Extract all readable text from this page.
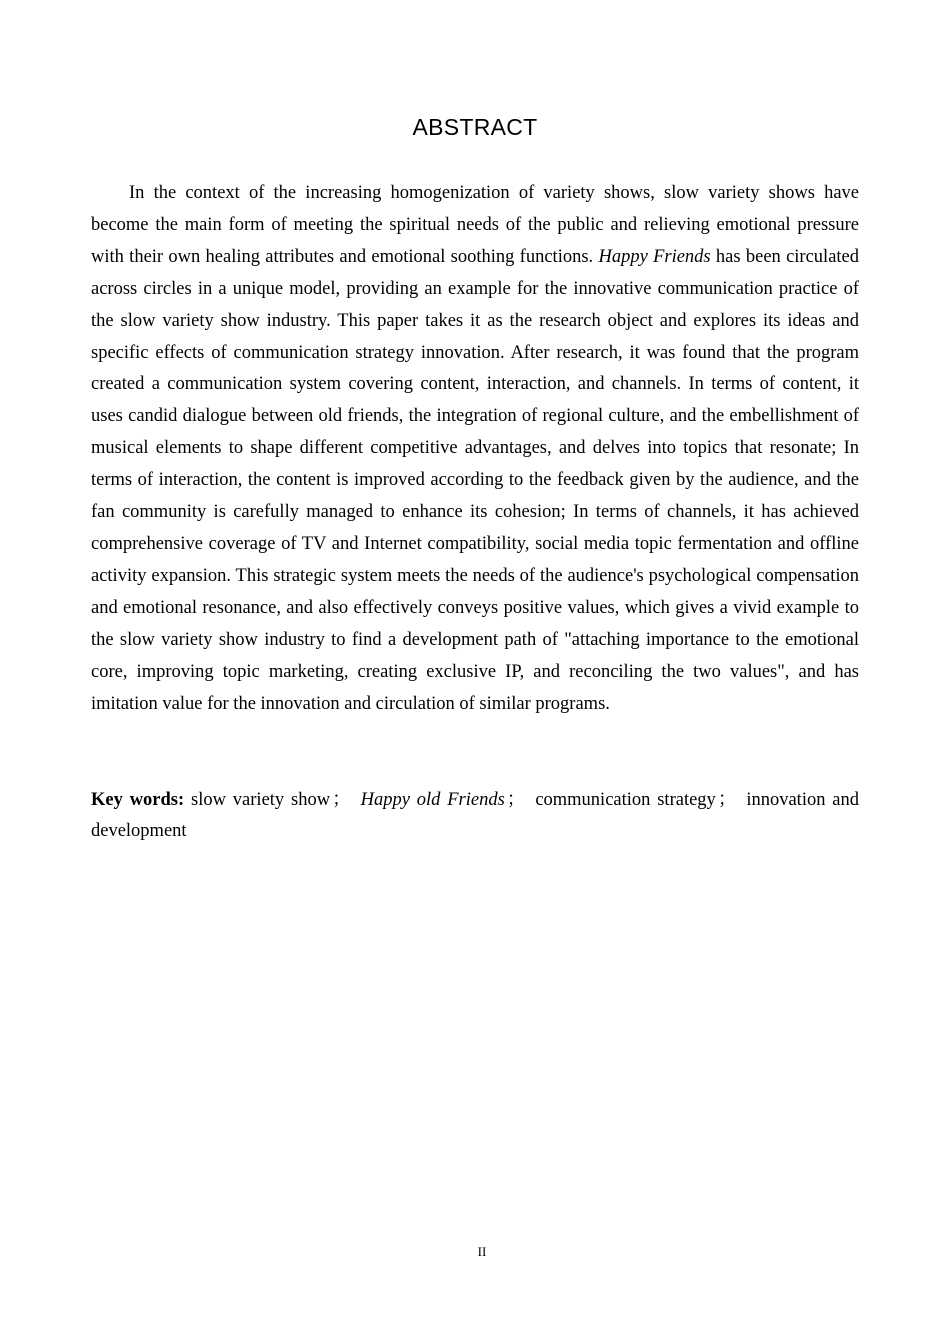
ABSTRACT

In the context of the increasing homogenization of variety shows, slow variety shows have become the main form of meeting the spiritual needs of the public and relieving emotional pressure with their own healing attributes and emotional soothing functions. Happy Friends has been circulated across circles in a unique model, providing an example for the innovative communication practice of the slow variety show industry. This paper takes it as the research object and explores its ideas and specific effects of communication strategy innovation. After research, it was found that the program created a communication system covering content, interaction, and channels. In terms of content, it uses candid dialogue between old friends, the integration of regional culture, and the embellishment of musical elements to shape different competitive advantages, and delves into topics that resonate; In terms of interaction, the content is improved according to the feedback given by the audience, and the fan community is carefully managed to enhance its cohesion; In terms of channels, it has achieved comprehensive coverage of TV and Internet compatibility, social media topic fermentation and offline activity expansion. This strategic system meets the needs of the audience's psychological compensation and emotional resonance, and also effectively conveys positive values, which gives a vivid example to the slow variety show industry to find a development path of "attaching importance to the emotional core, improving topic marketing, creating exclusive IP, and reconciling the two values", and has imitation value for the innovation and circulation of similar programs.

Key words: slow variety show ； Happy old Friends ； communication strategy ； innovation and development

II
